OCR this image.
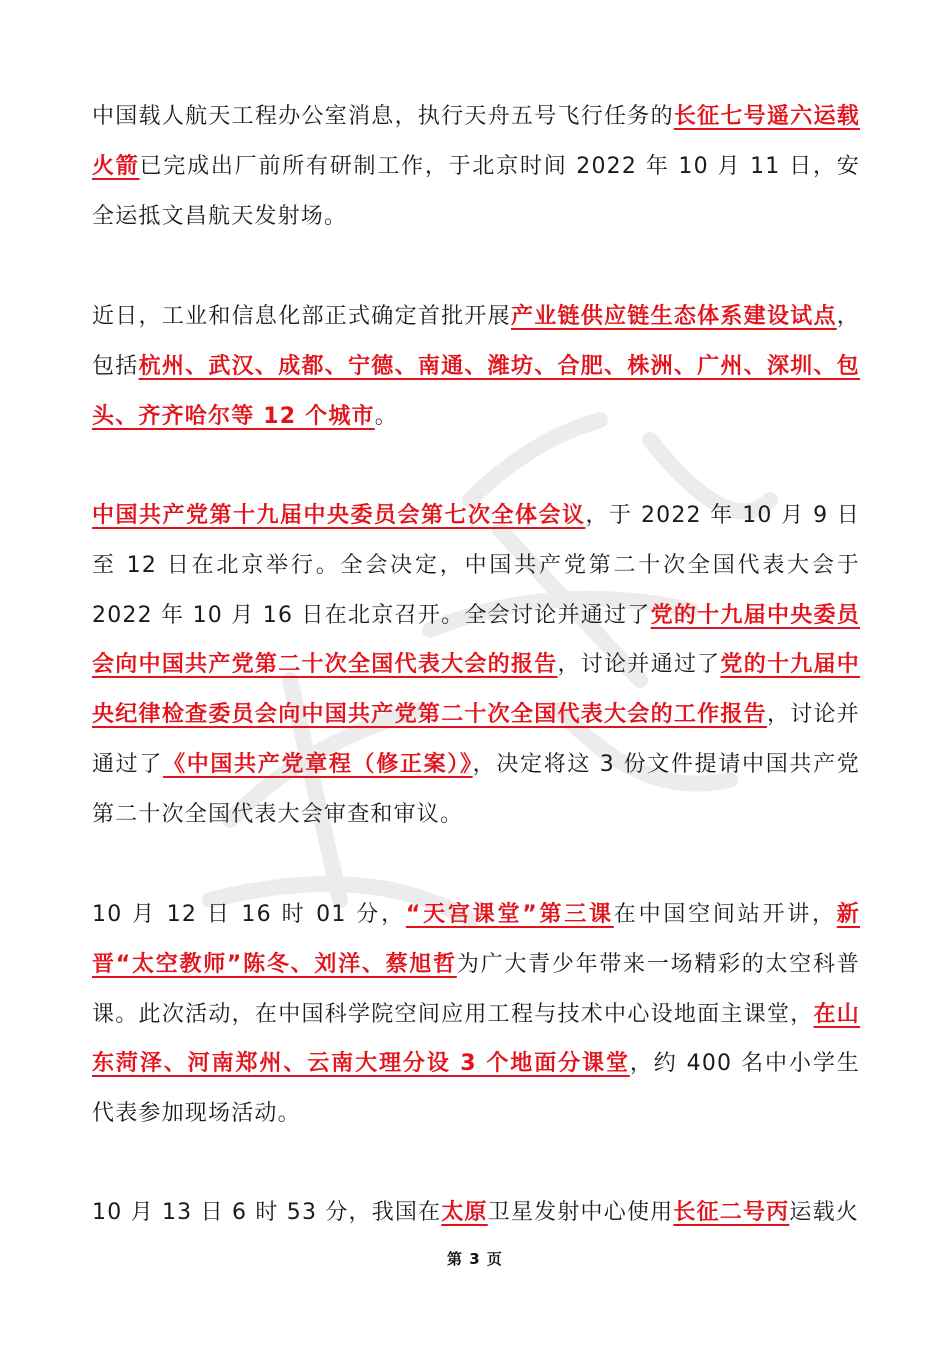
中国载人航天工程办公室消息，执行天舟五号飞行任务的长征七号遥六运载火箭已完成出厂前所有研制工作，于北京时间 2022 年 10 月 11 日，安全运抵文昌航天发射场。

近日，工业和信息化部正式确定首批开展产业链供应链生态体系建设试点，包括杭州、武汉、成都、宁德、南通、潍坊、合肥、株洲、广州、深圳、包头、齐齐哈尔等 12 个城市。

中国共产党第十九届中央委员会第七次全体会议，于 2022 年 10 月 9 日至 12 日在北京举行。全会决定，中国共产党第二十次全国代表大会于 2022 年 10 月 16 日在北京召开。全会讨论并通过了党的十九届中央委员会向中国共产党第二十次全国代表大会的报告，讨论并通过了党的十九届中央纪律检查委员会向中国共产党第二十次全国代表大会的工作报告，讨论并通过了《中国共产党章程（修正案）》，决定将这 3 份文件提请中国共产党第二十次全国代表大会审查和审议。

10 月 12 日 16 时 01 分，“天宫课堂”第三课在中国空间站开讲，新晋“太空教师”陈冬、刘洋、蔡旭哲为广大青少年带来一场精彩的太空科普课。此次活动，在中国科学院空间应用工程与技术中心设地面主课堂，在山东菏泽、河南郑州、云南大理分设 3 个地面分课堂，约 400 名中小学生代表参加现场活动。

10 月 13 日 6 时 53 分，我国在太原卫星发射中心使用长征二号丙运载火

第 3 页
